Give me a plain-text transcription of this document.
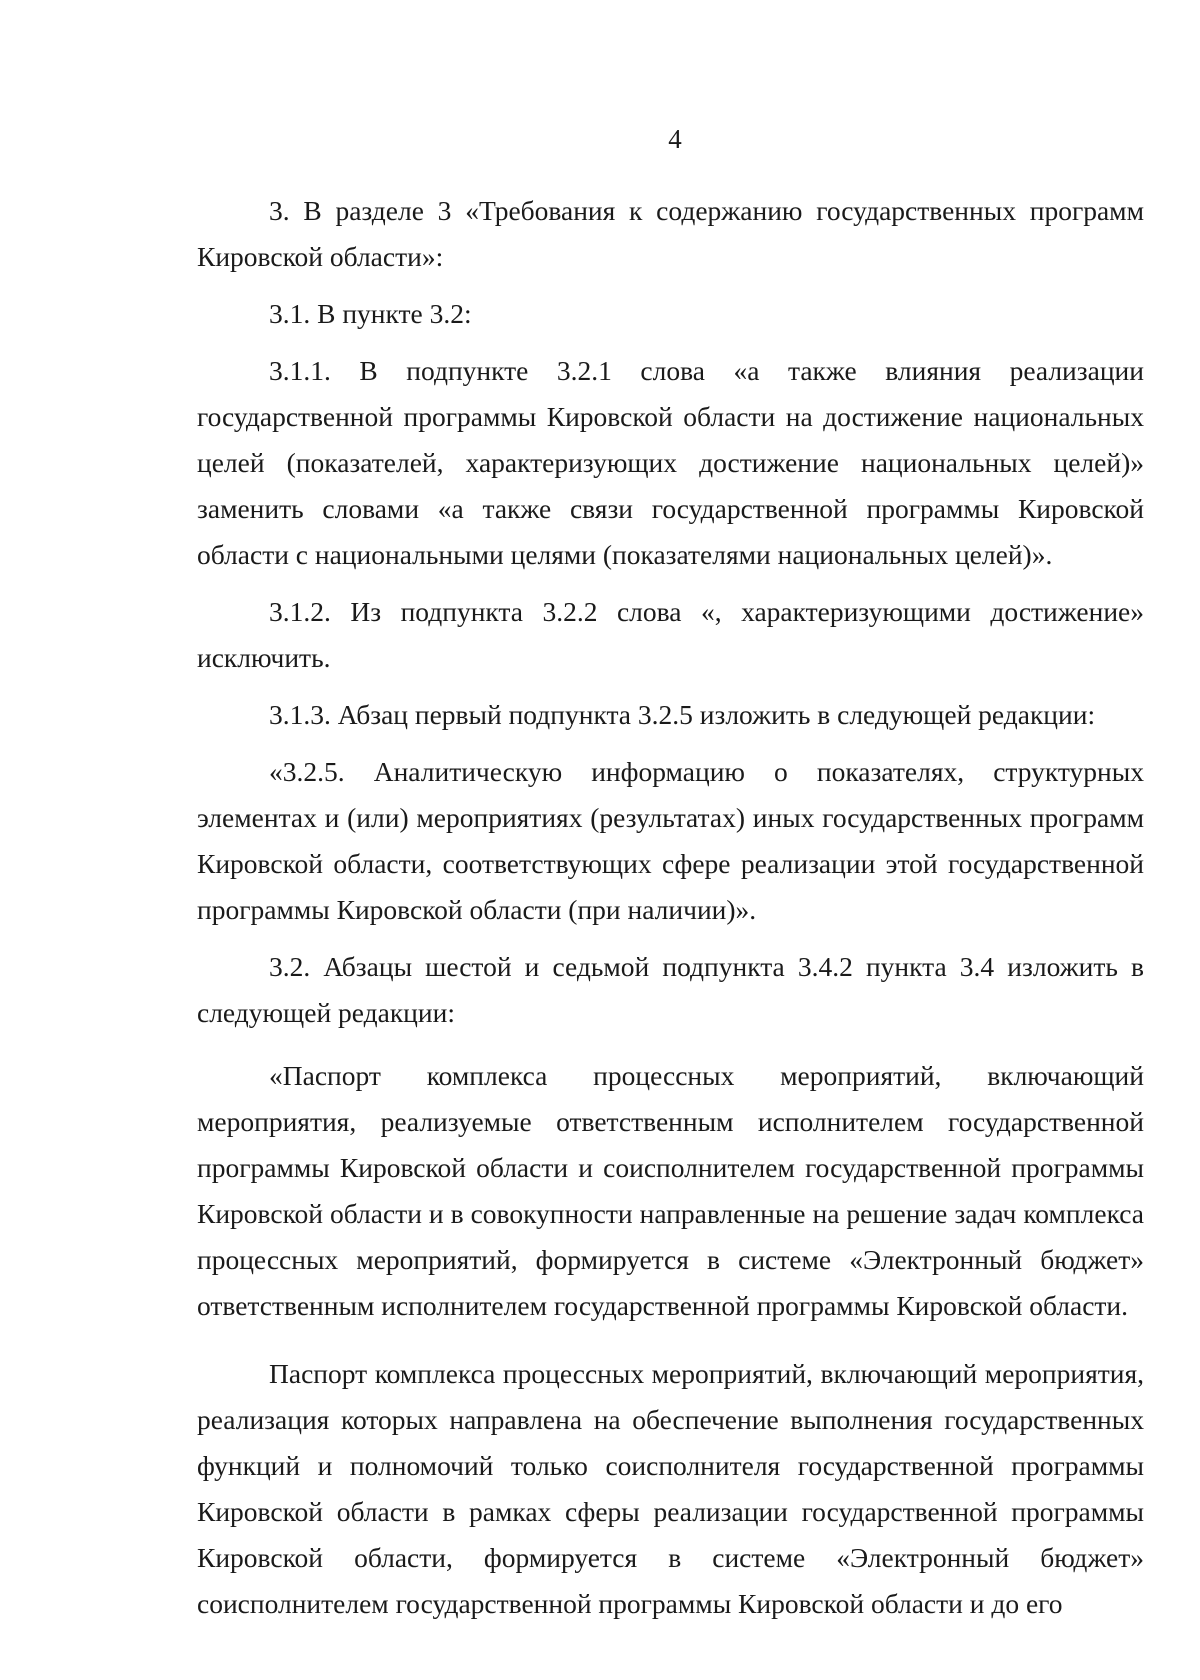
4

3. В разделе 3 «Требования к содержанию государственных программ Кировской области»:

3.1. В пункте 3.2:

3.1.1. В подпункте 3.2.1 слова «а также влияния реализации государственной программы Кировской области на достижение национальных целей (показателей, характеризующих достижение национальных целей)» заменить словами «а также связи государственной программы Кировской области с национальными целями (показателями национальных целей)».

3.1.2. Из подпункта 3.2.2 слова «, характеризующими достижение» исключить.

3.1.3. Абзац первый подпункта 3.2.5 изложить в следующей редакции:

«3.2.5. Аналитическую информацию о показателях, структурных элементах и (или) мероприятиях (результатах) иных государственных программ Кировской области, соответствующих сфере реализации этой государственной программы Кировской области (при наличии)».

3.2. Абзацы шестой и седьмой подпункта 3.4.2 пункта 3.4 изложить в следующей редакции:

«Паспорт комплекса процессных мероприятий, включающий мероприятия, реализуемые ответственным исполнителем государственной программы Кировской области и соисполнителем государственной программы Кировской области и в совокупности направленные на решение задач комплекса процессных мероприятий, формируется в системе «Электронный бюджет» ответственным исполнителем государственной программы Кировской области.

Паспорт комплекса процессных мероприятий, включающий мероприятия, реализация которых направлена на обеспечение выполнения государственных функций и полномочий только соисполнителя государственной программы Кировской области в рамках сферы реализации государственной программы Кировской области, формируется в системе «Электронный бюджет» соисполнителем государственной программы Кировской области и до его
